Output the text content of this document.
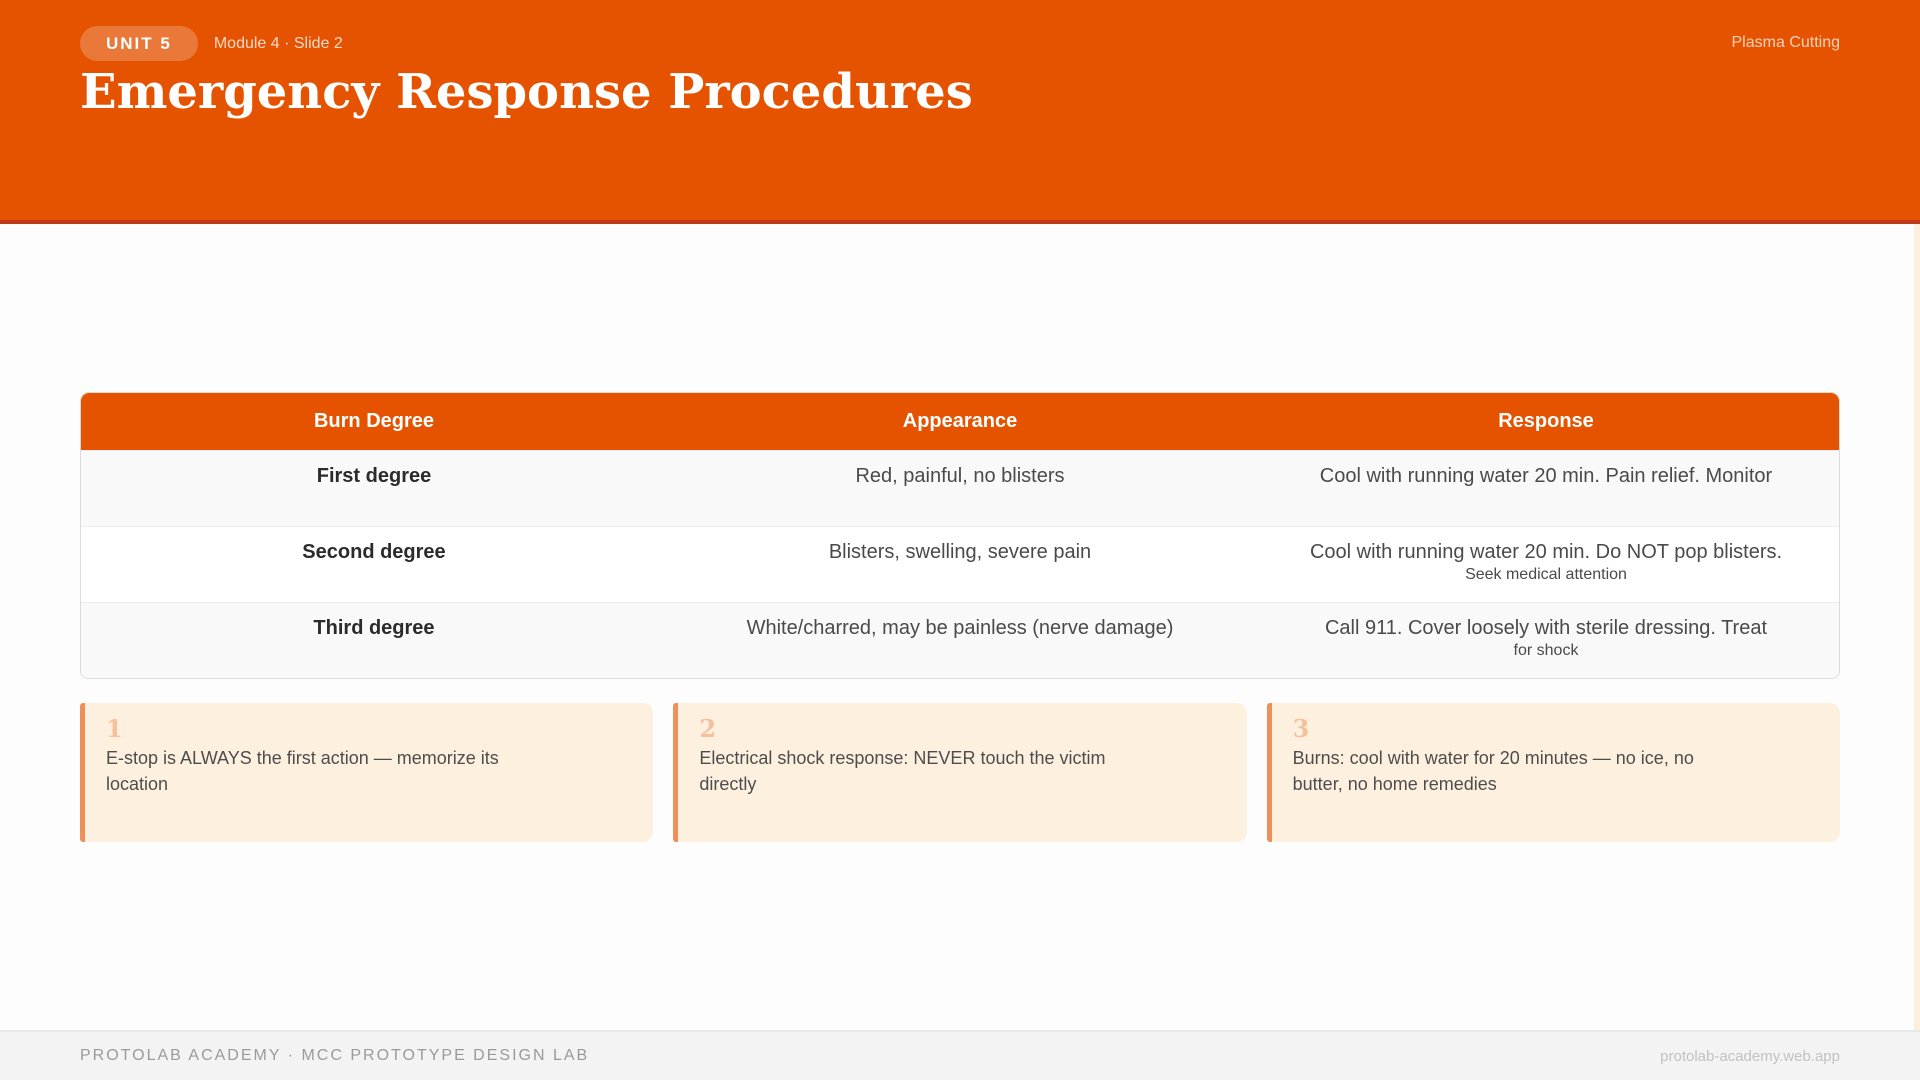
UNIT 5	Module 4 · Slide 2	Plasma Cutting
Emergency Response Procedures
Burn Degree	Appearance	Response
First degree	Red, painful, no blisters	Cool with running water 20 min. Pain relief. Monitor
Second degree	Blisters, swelling, severe pain	Cool with running water 20 min. Do NOT pop blisters.
Seek medical attention
Third degree	White/charred, may be painless (nerve damage)	Call 911. Cover loosely with sterile dressing. Treat
for shock
1
E-stop is ALWAYS the first action — memorize its location
2
Electrical shock response: NEVER touch the victim directly
3
Burns: cool with water for 20 minutes — no ice, no butter, no home remedies
PROTOLAB ACADEMY · MCC PROTOTYPE DESIGN LAB	protolab-academy.web.app
